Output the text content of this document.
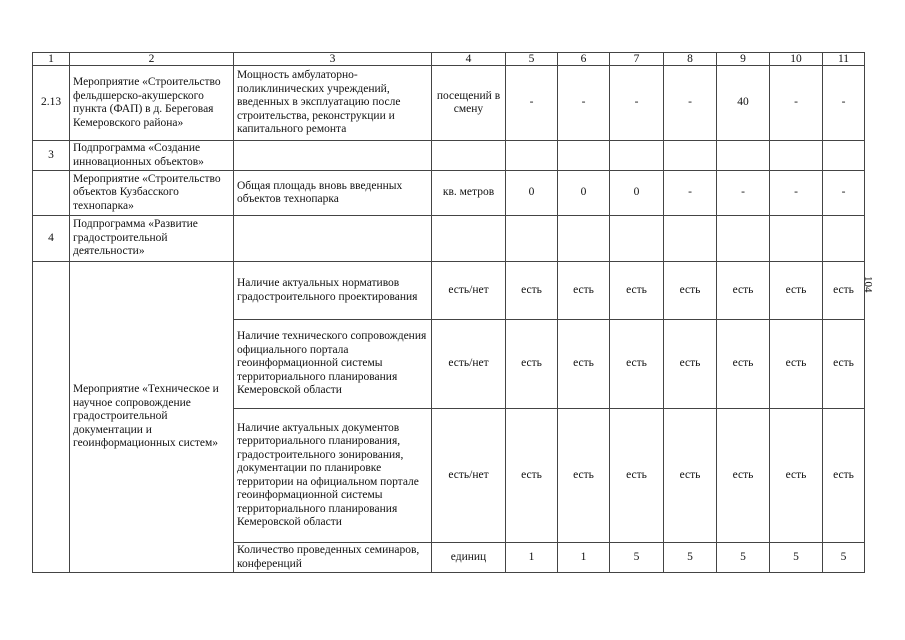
1	2	3	4	5	6	7	8	9	10	11
2.13	Мероприятие «Строительство фельдшерско-акушерского пункта (ФАП) в д. Береговая Кемеровского района»	Мощность амбулаторно-поликлинических учреждений, введенных в эксплуатацию после строительства, реконструкции и капитального ремонта	посещений в смену	-	-	-	-	40	-	-
3	Подпрограмма «Создание инновационных объектов»									
	Мероприятие «Строительство объектов Кузбасского технопарка»	Общая площадь вновь введенных объектов технопарка	кв. метров	0	0	0	-	-	-	-
4	Подпрограмма «Развитие градостроительной деятельности»									
	Мероприятие «Техническое и научное сопровождение градостроительной документации и геоинформационных систем»	Наличие актуальных нормативов градостроительного проектирования	есть/нет	есть	есть	есть	есть	есть	есть	есть
		Наличие технического сопровождения официального портала геоинформационной системы территориального планирования Кемеровской области	есть/нет	есть	есть	есть	есть	есть	есть	есть
		Наличие актуальных документов территориального планирования, градостроительного зонирования, документации по планировке территории на официальном портале геоинформационной системы территориального планирования Кемеровской области	есть/нет	есть	есть	есть	есть	есть	есть	есть
		Количество проведенных семинаров, конференций	единиц	1	1	5	5	5	5	5
104
